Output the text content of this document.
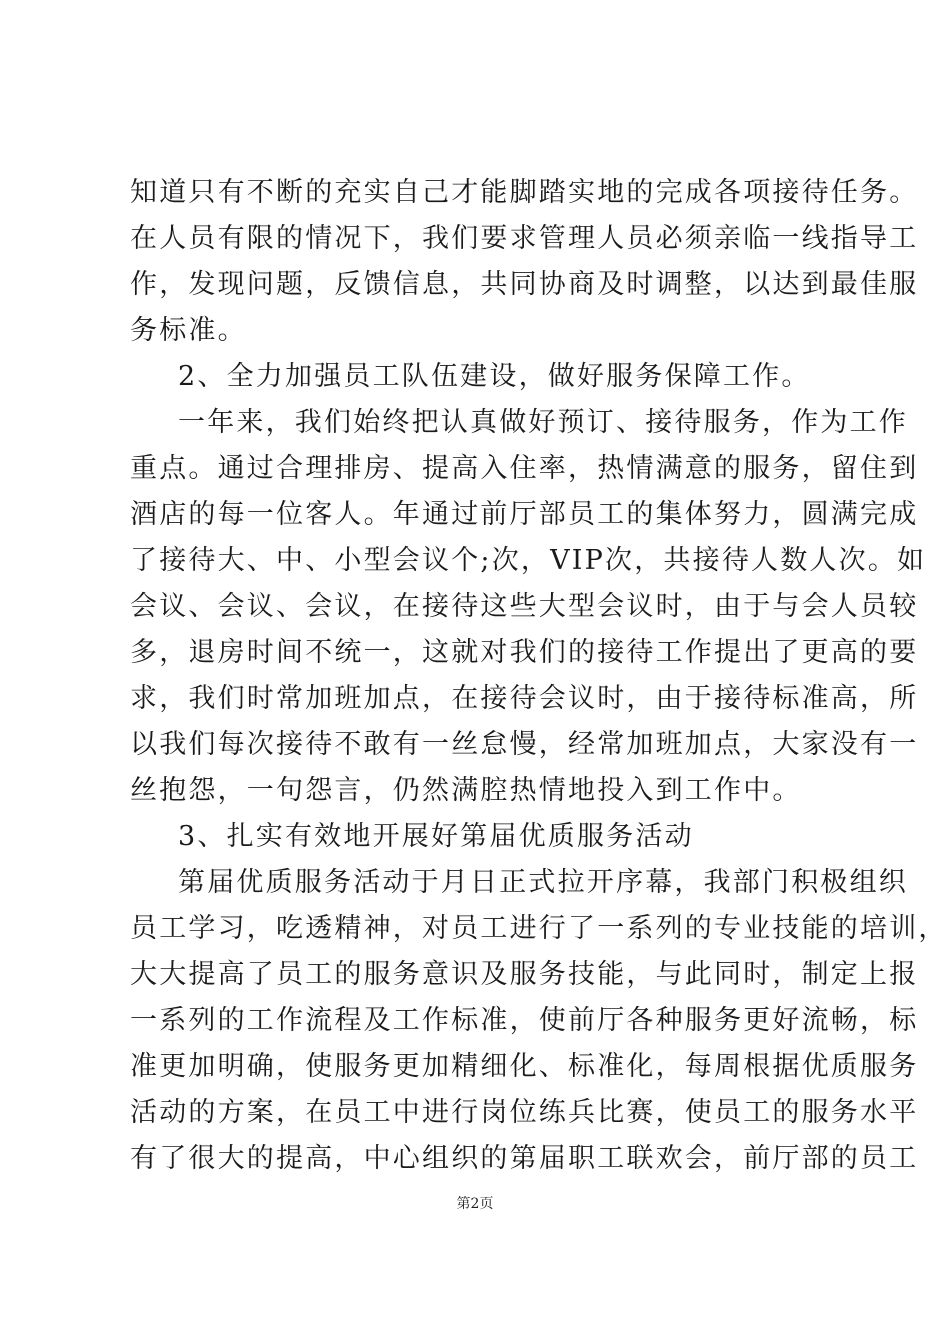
知道只有不断的充实自己才能脚踏实地的完成各项接待任务。
在人员有限的情况下，我们要求管理人员必须亲临一线指导工
作，发现问题，反馈信息，共同协商及时调整，以达到最佳服
务标准。
2、全力加强员工队伍建设，做好服务保障工作。
一年来，我们始终把认真做好预订、接待服务，作为工作
重点。通过合理排房、提高入住率，热情满意的服务，留住到
酒店的每一位客人。年通过前厅部员工的集体努力，圆满完成
了接待大、中、小型会议个;次，VIP次，共接待人数人次。如
会议、会议、会议，在接待这些大型会议时，由于与会人员较
多，退房时间不统一，这就对我们的接待工作提出了更高的要
求，我们时常加班加点，在接待会议时，由于接待标准高，所
以我们每次接待不敢有一丝怠慢，经常加班加点，大家没有一
丝抱怨，一句怨言，仍然满腔热情地投入到工作中。
3、扎实有效地开展好第届优质服务活动
第届优质服务活动于月日正式拉开序幕，我部门积极组织
员工学习，吃透精神，对员工进行了一系列的专业技能的培训，
大大提高了员工的服务意识及服务技能，与此同时，制定上报
一系列的工作流程及工作标准，使前厅各种服务更好流畅，标
准更加明确，使服务更加精细化、标准化，每周根据优质服务
活动的方案，在员工中进行岗位练兵比赛，使员工的服务水平
有了很大的提高，中心组织的第届职工联欢会，前厅部的员工
第2页
